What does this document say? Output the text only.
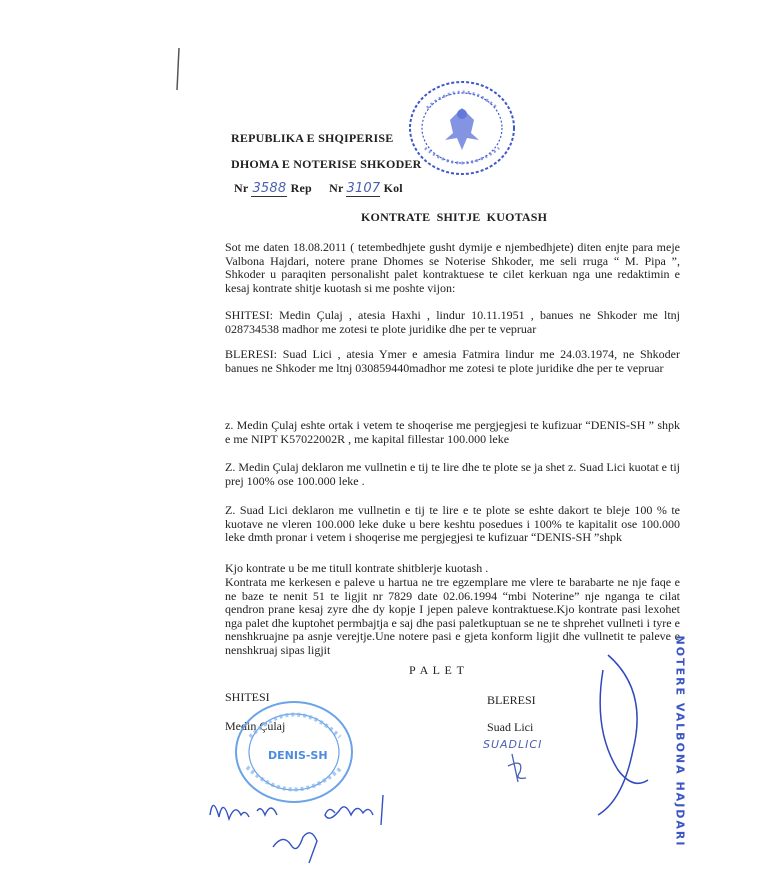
REPUBLIKA E SHQIPERISE
DHOMA E NOTERISE SHKODER
Nr 3588 Rep Nr 3107 Kol
KONTRATE SHITJE KUOTASH
Sot me daten 18.08.2011 ( tetembedhjete gusht dymije e njembedhjete) diten enjte para meje Valbona Hajdari, notere prane Dhomes se Noterise Shkoder, me seli rruga “ M. Pipa ”, Shkoder u paraqiten personalisht palet kontraktuese te cilet kerkuan nga une redaktimin e kesaj kontrate shitje kuotash si me poshte vijon:
SHITESI: Medin Çulaj , atesia Haxhi , lindur 10.11.1951 , banues ne Shkoder me ltnj 028734538 madhor me zotesi te plote juridike dhe per te vepruar
BLERESI: Suad Lici , atesia Ymer e amesia Fatmira lindur me 24.03.1974, ne Shkoder banues ne Shkoder me ltnj 030859440madhor me zotesi te plote juridike dhe per te vepruar
z. Medin Çulaj eshte ortak i vetem te shoqerise me pergjegjesi te kufizuar “DENIS-SH ” shpk e me NIPT K57022002R , me kapital fillestar 100.000 leke
Z. Medin Çulaj deklaron me vullnetin e tij te lire dhe te plote se ja shet z. Suad Lici kuotat e tij prej 100% ose 100.000 leke .
Z. Suad Lici deklaron me vullnetin e tij te lire e te plote se eshte dakort te bleje 100 % te kuotave ne vleren 100.000 leke duke u bere keshtu posedues i 100% te kapitalit ose 100.000 leke dmth pronar i vetem i shoqerise me pergjegjesi te kufizuar “DENIS-SH ”shpk
Kjo kontrate u be me titull kontrate shitblerje kuotash .
Kontrata me kerkesen e paleve u hartua ne tre egzemplare me vlere te barabarte ne nje faqe e ne baze te nenit 51 te ligjit nr 7829 date 02.06.1994 “mbi Noterine” nje nganga te cilat qendron prane kesaj zyre dhe dy kopje I jepen paleve kontraktuese.Kjo kontrate pasi lexohet nga palet dhe kuptohet permbajtja e saj dhe pasi paletkuptuan se ne te shprehet vullneti i tyre e nenshkruajne pa asnje verejtje.Une notere pasi e gjeta konform ligjit dhe vullnetit te paleve e nenshkruaj sipas ligjit
P A L E T
SHITESI	BLERESI
Medin Çulaj	Suad Lici
SUADLICI
DENIS-SH	NOTERE VALBONA HAJDARI
